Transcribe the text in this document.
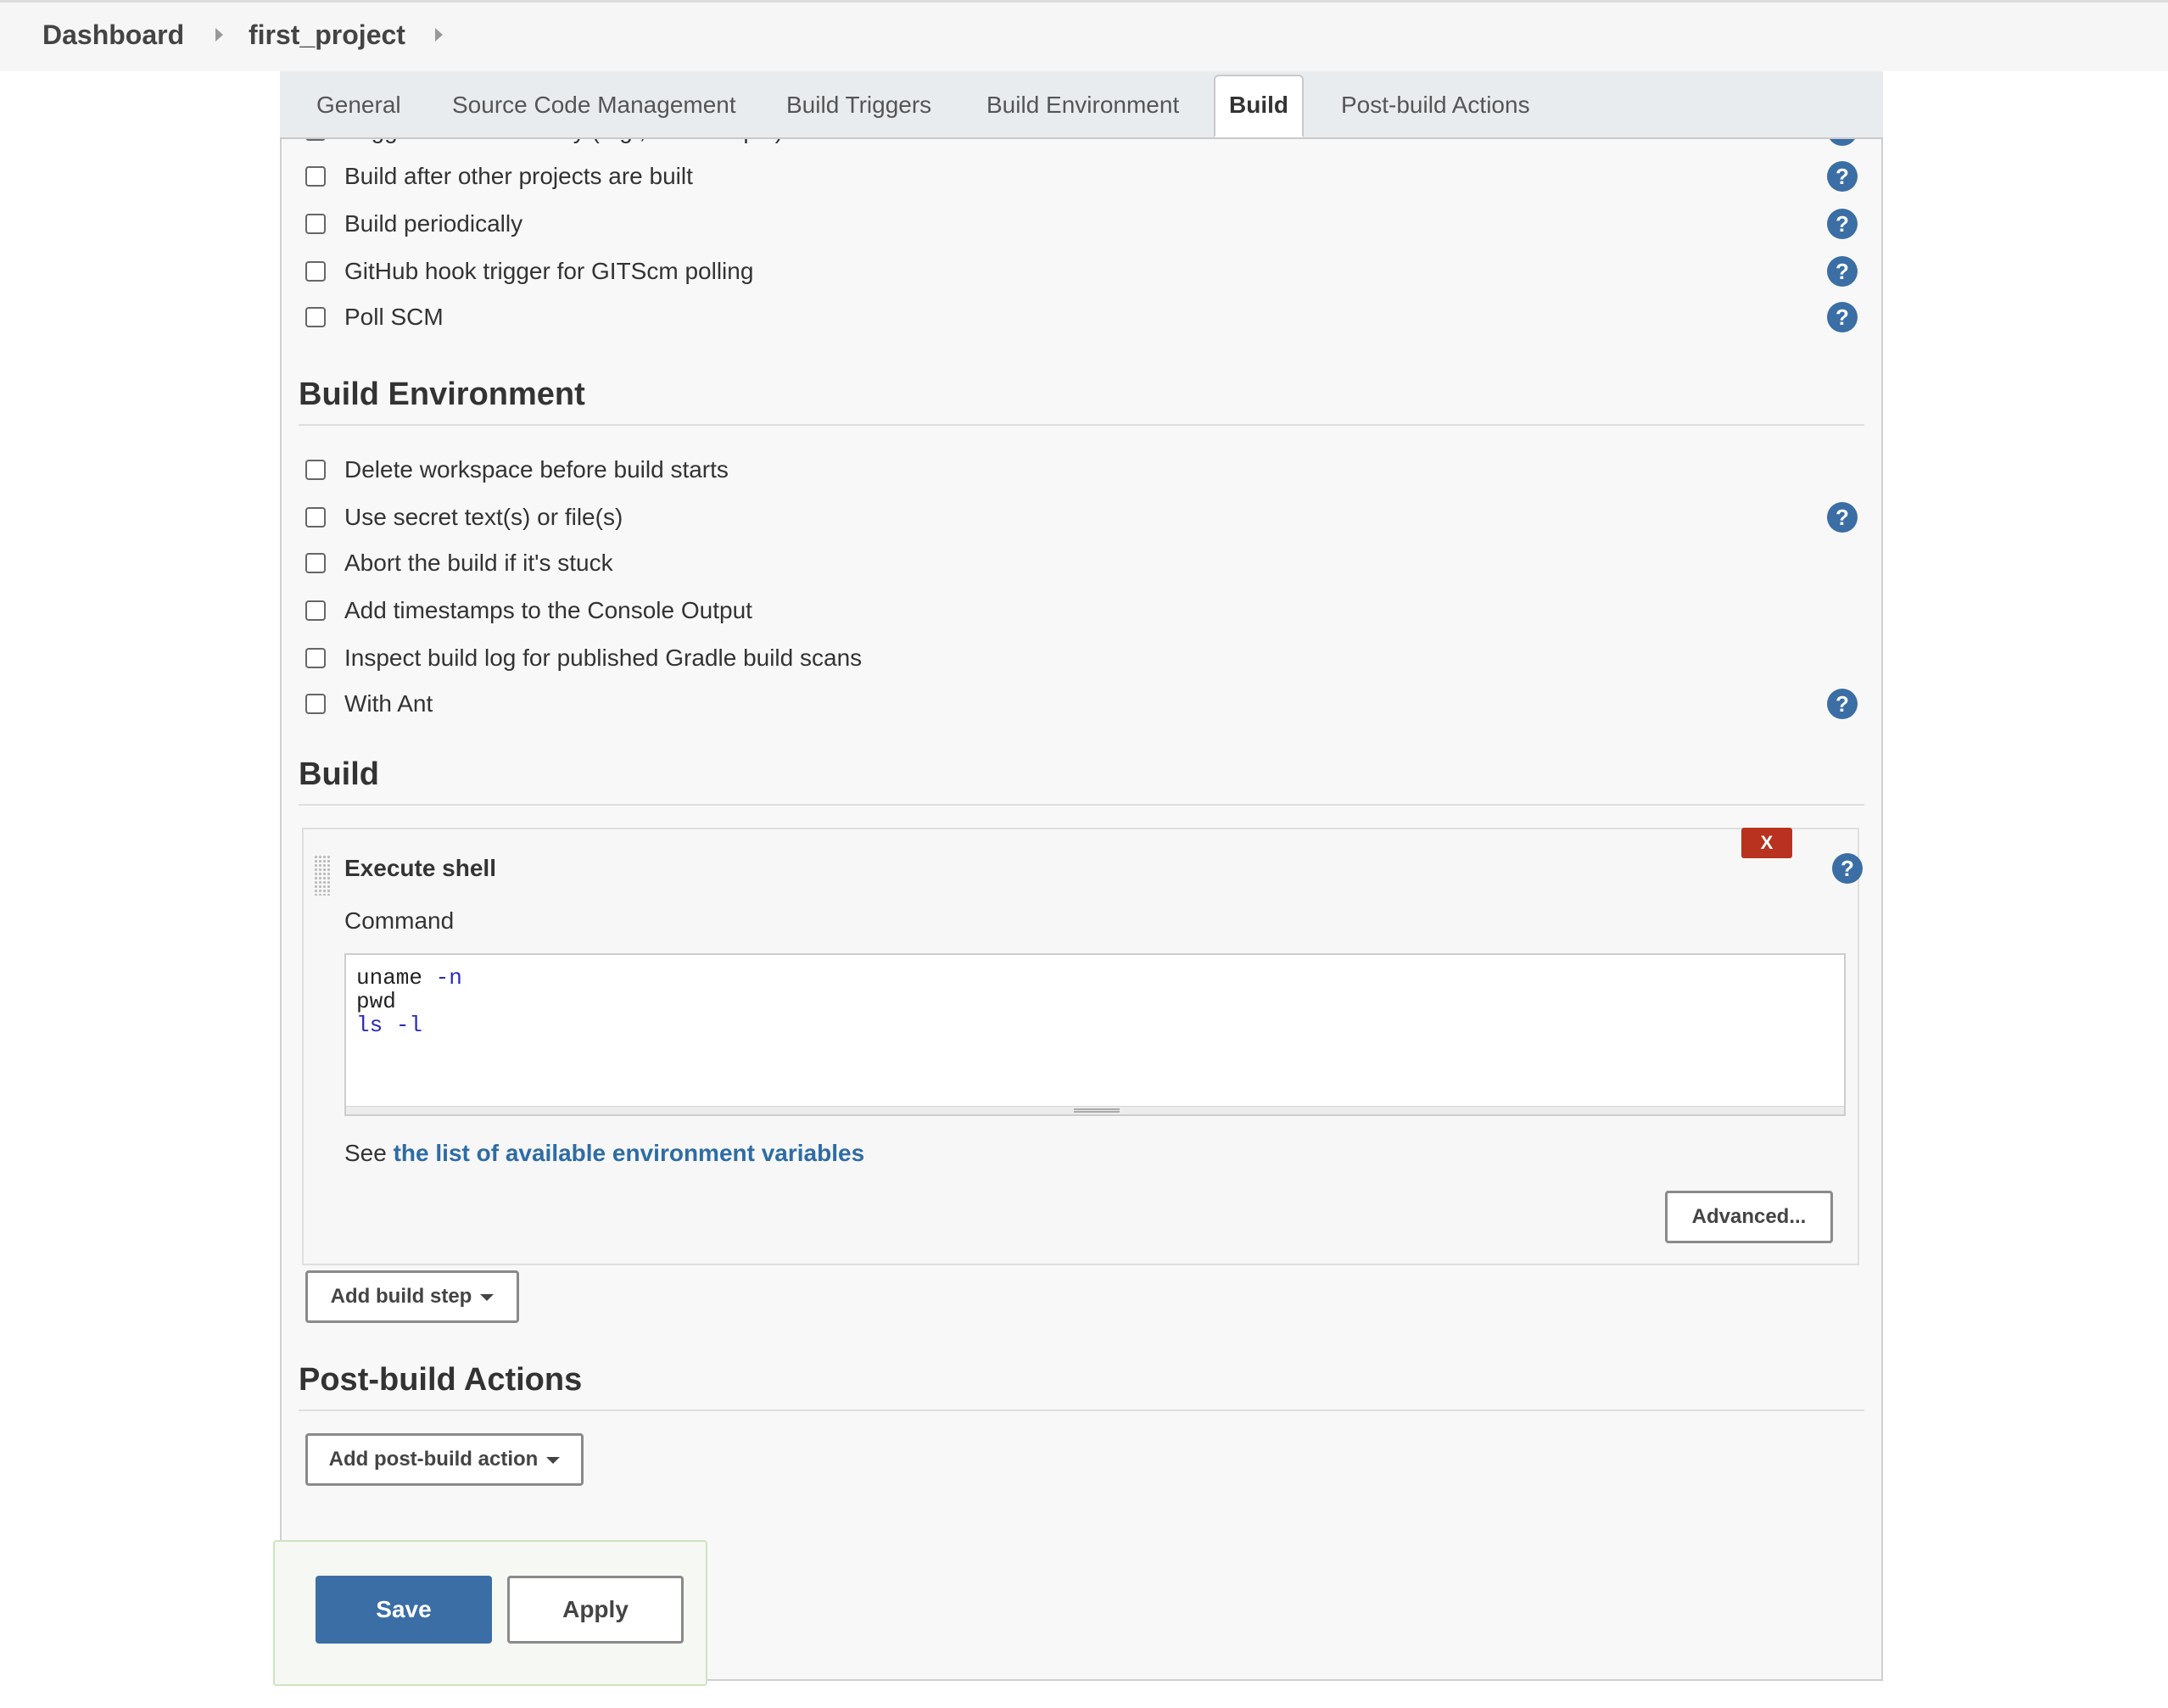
Dashboard first_project
General Source Code Management Build Triggers Build Environment	Build	Post-build Actions
Build after other projects are built	?
Build periodically	?
GitHub hook trigger for GITScm polling	?
Poll SCM	?
Build Environment
Delete workspace before build starts
Use secret text(s) or file(s)	?
Abort the build if it's stuck
Add timestamps to the Console Output
Inspect build log for published Gradle build scans
With Ant	?
Build
Execute shell
X
?
Command
uname -n
pwd
ls -l
See the list of available environment variables
Advanced...
Add build step
Post-build Actions
Add post-build action
Save	Apply
